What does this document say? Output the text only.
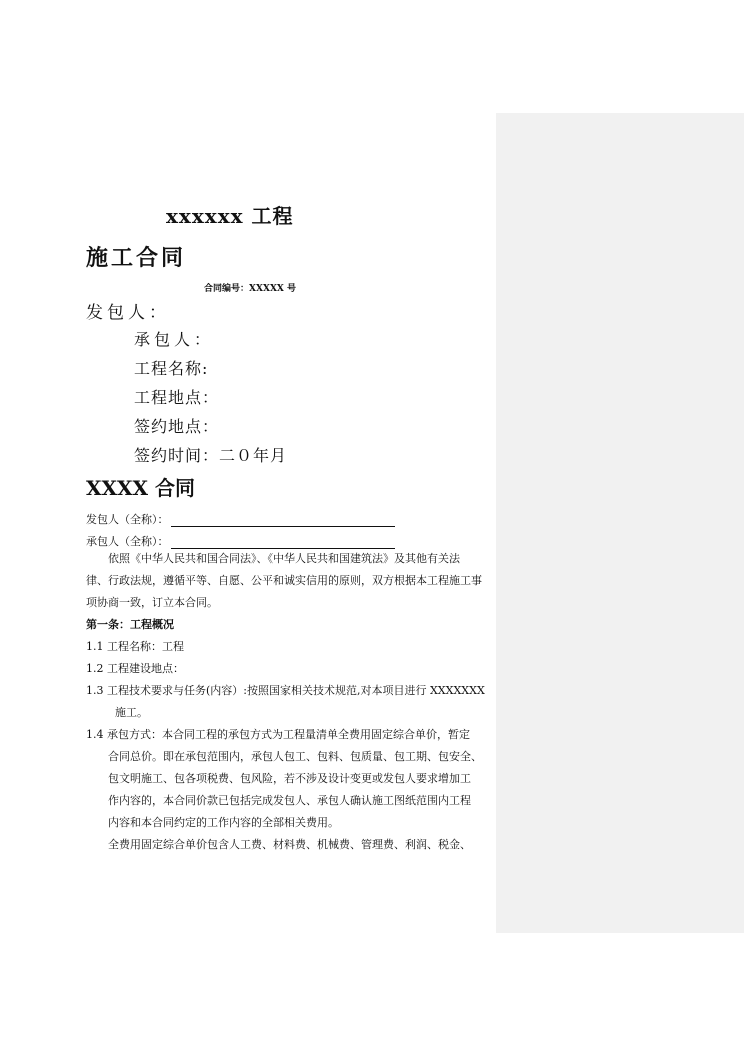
xxxxxx 工程
施工合同
合同编号：XXXXX 号
发包人：
承包人：
工程名称:
工程地点：
签约地点：
签约时间：二０年月
XXXX 合同
发包人（全称）：
承包人（全称）：
依照《中华人民共和国合同法》、《中华人民共和国建筑法》及其他有关法
律、行政法规，遵循平等、自愿、公平和诚实信用的原则，双方根据本工程施工事
项协商一致，订立本合同。
第一条：工程概况
1.1 工程名称：工程
1.2 工程建设地点：
1.3 工程技术要求与任务(内容）:按照国家相关技术规范,对本项目进行 XXXXXXX
施工。
1.4 承包方式：本合同工程的承包方式为工程量清单全费用固定综合单价，暂定
合同总价。即在承包范围内，承包人包工、包料、包质量、包工期、包安全、
包文明施工、包各项税费、包风险，若不涉及设计变更或发包人要求增加工
作内容的，本合同价款已包括完成发包人、承包人确认施工图纸范围内工程
内容和本合同约定的工作内容的全部相关费用。
全费用固定综合单价包含人工费、材料费、机械费、管理费、利润、税金、
